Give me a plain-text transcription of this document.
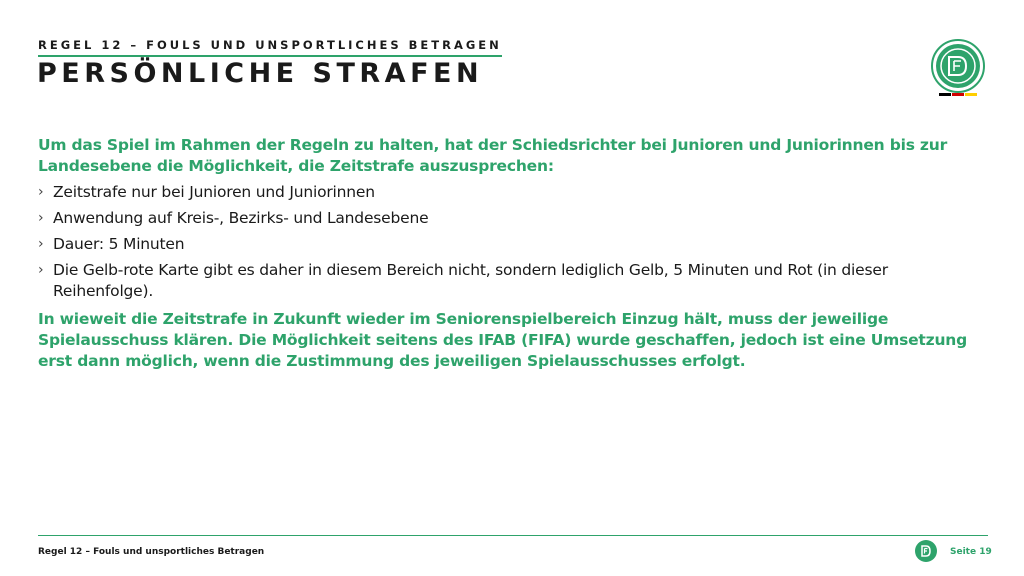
REGEL 12 – FOULS UND UNSPORTLICHES BETRAGEN
PERSÖNLICHE STRAFEN

Um das Spiel im Rahmen der Regeln zu halten, hat der Schiedsrichter bei Junioren und Juniorinnen bis zur Landesebene die Möglichkeit, die Zeitstrafe auszusprechen:

› Zeitstrafe nur bei Junioren und Juniorinnen
› Anwendung auf Kreis-, Bezirks- und Landesebene
› Dauer: 5 Minuten
› Die Gelb-rote Karte gibt es daher in diesem Bereich nicht, sondern lediglich Gelb, 5 Minuten und Rot (in dieser Reihenfolge).

In wieweit die Zeitstrafe in Zukunft wieder im Seniorenspielbereich Einzug hält, muss der jeweilige Spielausschuss klären. Die Möglichkeit seitens des IFAB (FIFA) wurde geschaffen, jedoch ist eine Umsetzung erst dann möglich, wenn die Zustimmung des jeweiligen Spielausschusses erfolgt.

Regel 12 – Fouls und unsportliches Betragen	Seite 19
